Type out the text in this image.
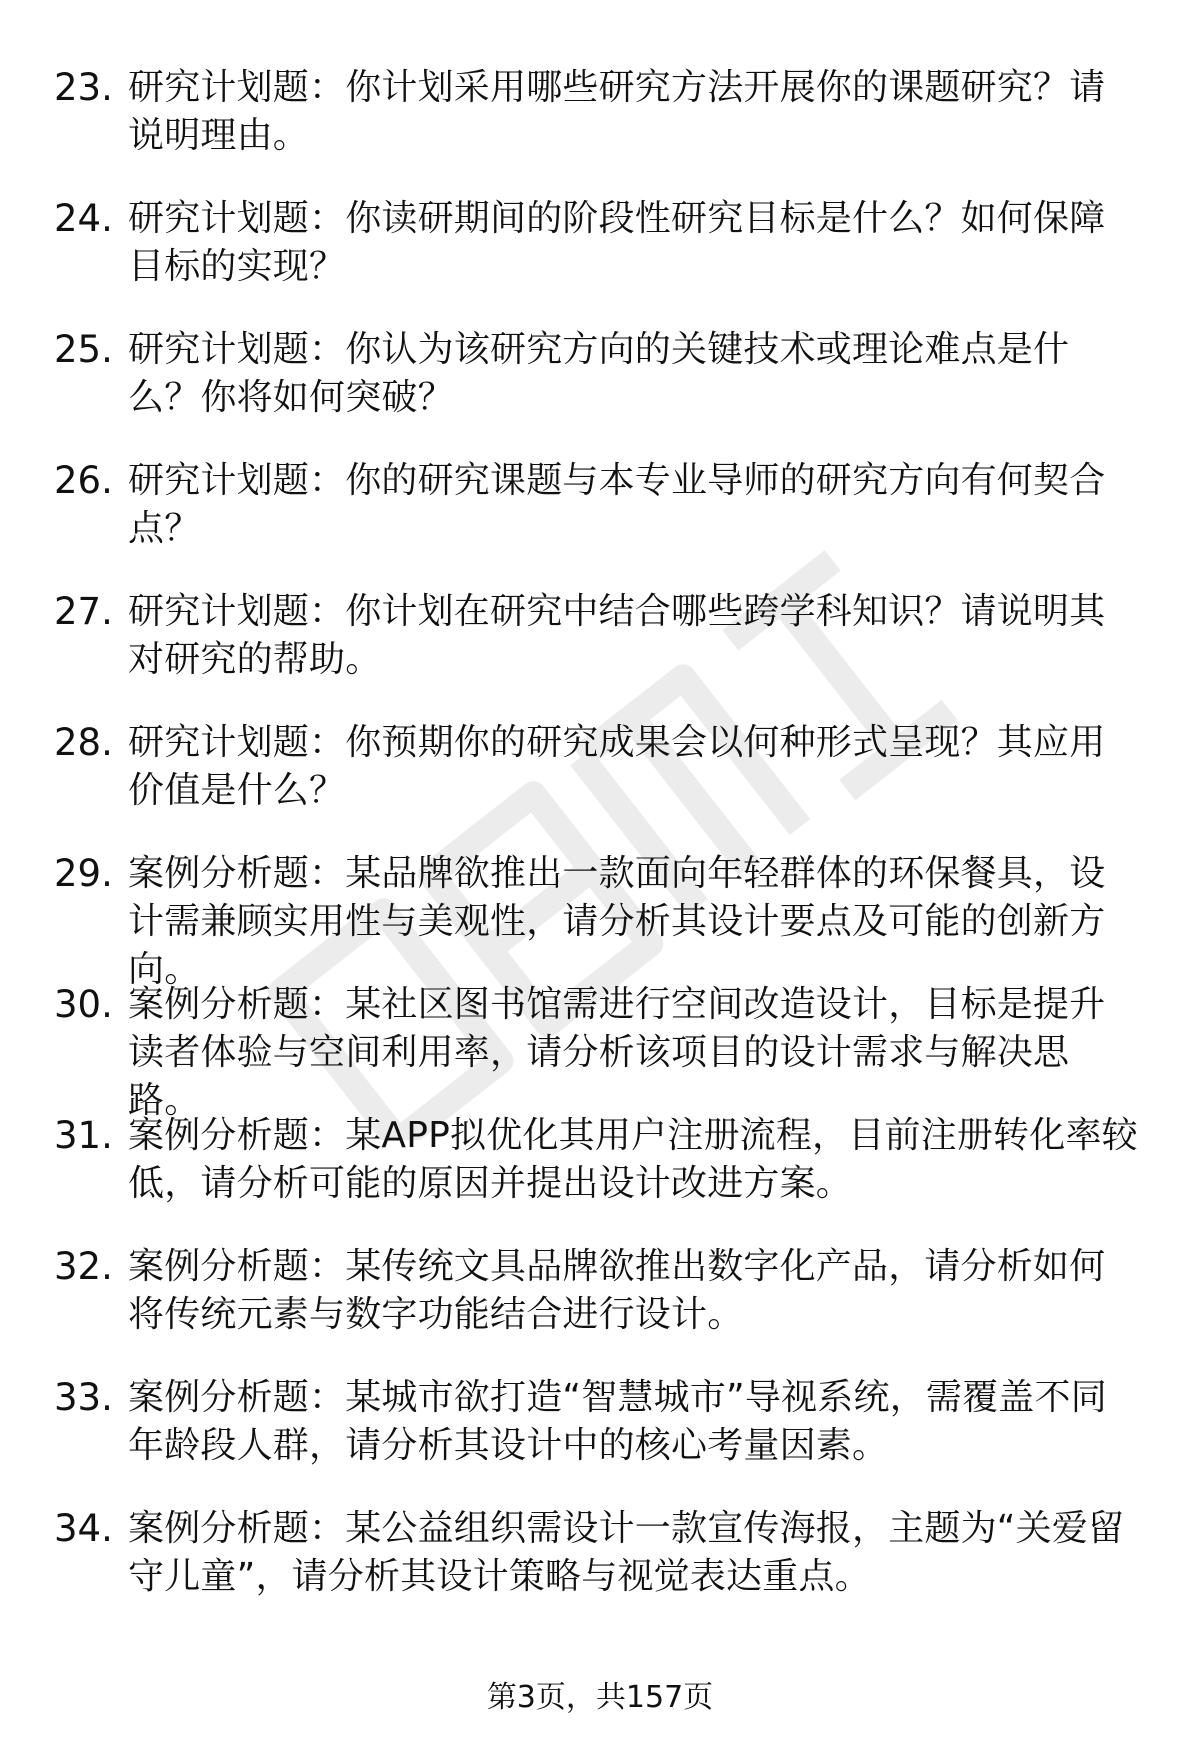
23. 研究计划题：你计划采用哪些研究方法开展你的课题研究？请说明理由。
24. 研究计划题：你读研期间的阶段性研究目标是什么？如何保障目标的实现？
25. 研究计划题：你认为该研究方向的关键技术或理论难点是什么？你将如何突破？
26. 研究计划题：你的研究课题与本专业导师的研究方向有何契合点？
27. 研究计划题：你计划在研究中结合哪些跨学科知识？请说明其对研究的帮助。
28. 研究计划题：你预期你的研究成果会以何种形式呈现？其应用价值是什么？
29. 案例分析题：某品牌欲推出一款面向年轻群体的环保餐具，设计需兼顾实用性与美观性，请分析其设计要点及可能的创新方向。
30. 案例分析题：某社区图书馆需进行空间改造设计，目标是提升读者体验与空间利用率，请分析该项目的设计需求与解决思路。
31. 案例分析题：某APP拟优化其用户注册流程，目前注册转化率较低，请分析可能的原因并提出设计改进方案。
32. 案例分析题：某传统文具品牌欲推出数字化产品，请分析如何将传统元素与数字功能结合进行设计。
33. 案例分析题：某城市欲打造“智慧城市”导视系统，需覆盖不同年龄段人群，请分析其设计中的核心考量因素。
34. 案例分析题：某公益组织需设计一款宣传海报，主题为“关爱留守儿童”，请分析其设计策略与视觉表达重点。
第3页，共157页
